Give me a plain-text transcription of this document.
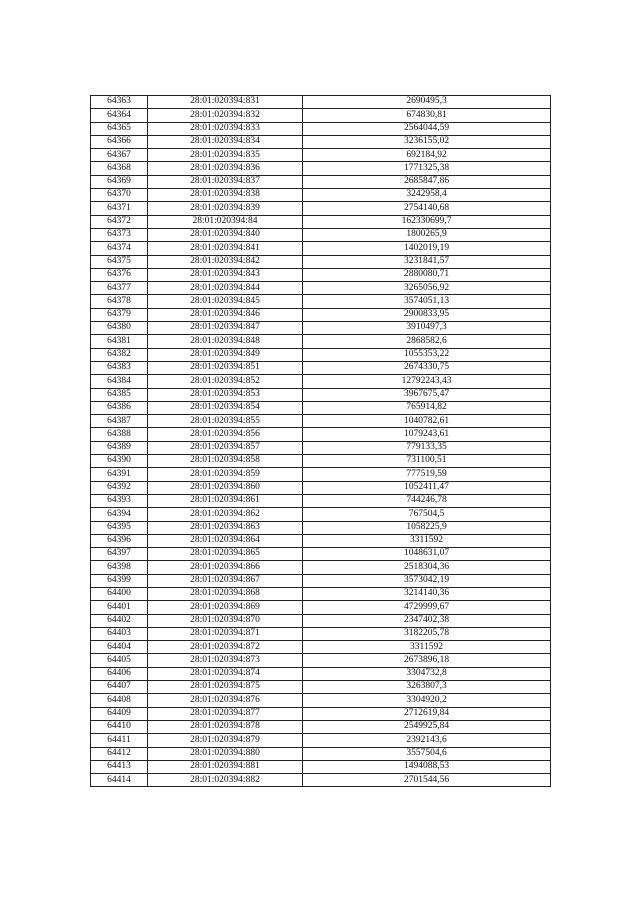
64363	28:01:020394:831	2690495,3
64364	28:01:020394:832	674830,81
64365	28:01:020394:833	2564044,59
64366	28:01:020394:834	3236155,02
64367	28:01:020394:835	692184,92
64368	28:01:020394:836	1771325,38
64369	28:01:020394:837	2685847,86
64370	28:01:020394:838	3242958,4
64371	28:01:020394:839	2754140,68
64372	28:01:020394:84	162330699,7
64373	28:01:020394:840	1800265,9
64374	28:01:020394:841	1402019,19
64375	28:01:020394:842	3231841,57
64376	28:01:020394:843	2880080,71
64377	28:01:020394:844	3265056,92
64378	28:01:020394:845	3574051,13
64379	28:01:020394:846	2900833,95
64380	28:01:020394:847	3910497,3
64381	28:01:020394:848	2868582,6
64382	28:01:020394:849	1055353,22
64383	28:01:020394:851	2674330,75
64384	28:01:020394:852	12792243,43
64385	28:01:020394:853	3967675,47
64386	28:01:020394:854	765914,82
64387	28:01:020394:855	1040782,61
64388	28:01:020394:856	1079243,61
64389	28:01:020394:857	779133,35
64390	28:01:020394:858	731100,51
64391	28:01:020394:859	777519,59
64392	28:01:020394:860	1052411,47
64393	28:01:020394:861	744246,78
64394	28:01:020394:862	767504,5
64395	28:01:020394:863	1058225,9
64396	28:01:020394:864	3311592
64397	28:01:020394:865	1048631,07
64398	28:01:020394:866	2518304,36
64399	28:01:020394:867	3573042,19
64400	28:01:020394:868	3214140,36
64401	28:01:020394:869	4729999,67
64402	28:01:020394:870	2347402,38
64403	28:01:020394:871	3182205,78
64404	28:01:020394:872	3311592
64405	28:01:020394:873	2673896,18
64406	28:01:020394:874	3304732,8
64407	28:01:020394:875	3263807,3
64408	28:01:020394:876	3304920,2
64409	28:01:020394:877	2712619,84
64410	28:01:020394:878	2549925,84
64411	28:01:020394:879	2392143,6
64412	28:01:020394:880	3557504,6
64413	28:01:020394:881	1494088,53
64414	28:01:020394:882	2701544,56
